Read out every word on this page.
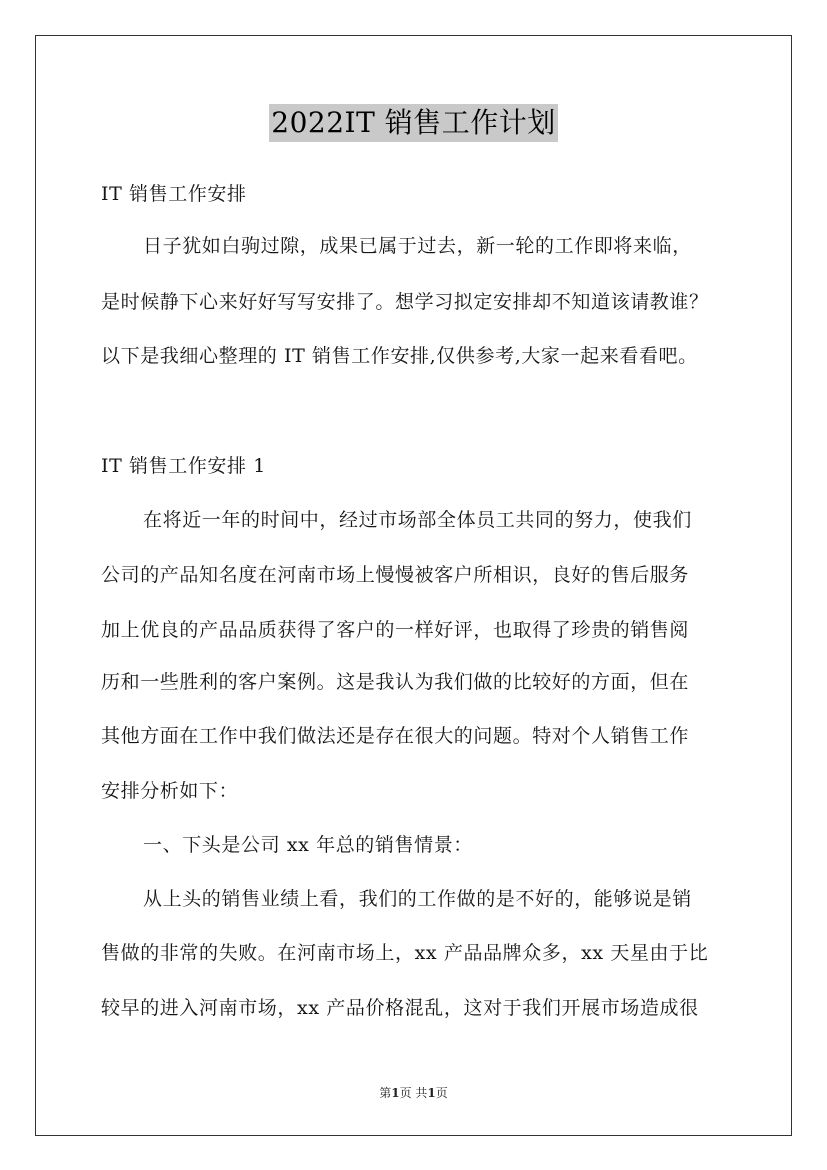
2022IT 销售工作计划
IT 销售工作安排
日子犹如白驹过隙，成果已属于过去，新一轮的工作即将来临，
是时候静下心来好好写写安排了。想学习拟定安排却不知道该请教谁？
以下是我细心整理的 IT 销售工作安排,仅供参考,大家一起来看看吧。
IT 销售工作安排 1
在将近一年的时间中，经过市场部全体员工共同的努力，使我们
公司的产品知名度在河南市场上慢慢被客户所相识，良好的售后服务
加上优良的产品品质获得了客户的一样好评，也取得了珍贵的销售阅
历和一些胜利的客户案例。这是我认为我们做的比较好的方面，但在
其他方面在工作中我们做法还是存在很大的问题。特对个人销售工作
安排分析如下：
一、下头是公司 xx 年总的销售情景：
从上头的销售业绩上看，我们的工作做的是不好的，能够说是销
售做的非常的失败。在河南市场上，xx 产品品牌众多，xx 天星由于比
较早的进入河南市场，xx 产品价格混乱，这对于我们开展市场造成很
第1页 共1页
